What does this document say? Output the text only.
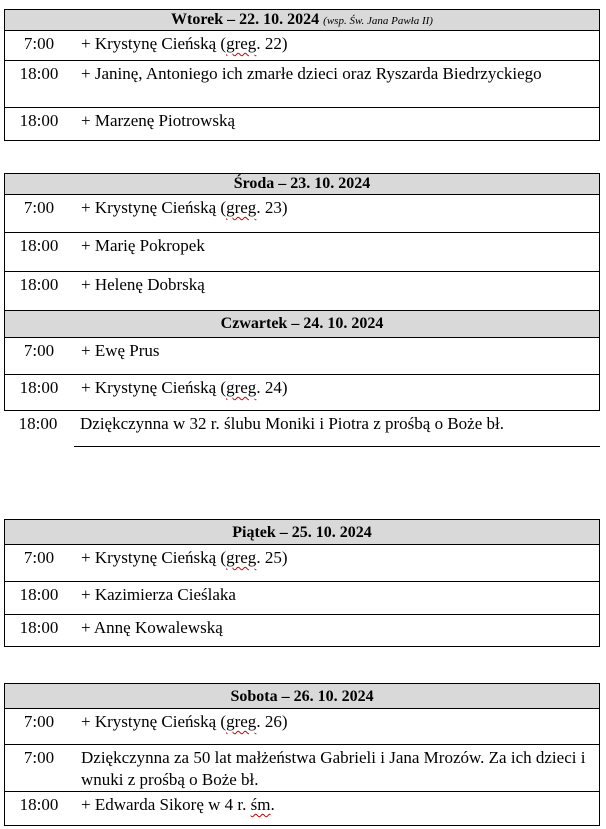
Wtorek – 22. 10. 2024 (wsp. Św. Jana Pawła II)
7:00	+ Krystynę Cieńską (greg. 22)
18:00	+ Janinę, Antoniego ich zmarłe dzieci oraz Ryszarda Biedrzyckiego
18:00	+ Marzenę Piotrowską
Środa – 23. 10. 2024
7:00	+ Krystynę Cieńską (greg. 23)
18:00	+ Marię Pokropek
18:00	+ Helenę Dobrską
Czwartek – 24. 10. 2024
7:00	+ Ewę Prus
18:00	+ Krystynę Cieńską (greg. 24)
18:00	Dziękczynna w 32 r. ślubu Moniki i Piotra z prośbą o Boże bł.
Piątek – 25. 10. 2024
7:00	+ Krystynę Cieńską (greg. 25)
18:00	+ Kazimierza Cieślaka
18:00	+ Annę Kowalewską
Sobota – 26. 10. 2024
7:00	+ Krystynę Cieńską (greg. 26)
7:00	Dziękczynna za 50 lat małżeństwa Gabrieli i Jana Mrozów. Za ich dzieci i wnuki z prośbą o Boże bł.
18:00	+ Edwarda Sikorę w 4 r. śm.
